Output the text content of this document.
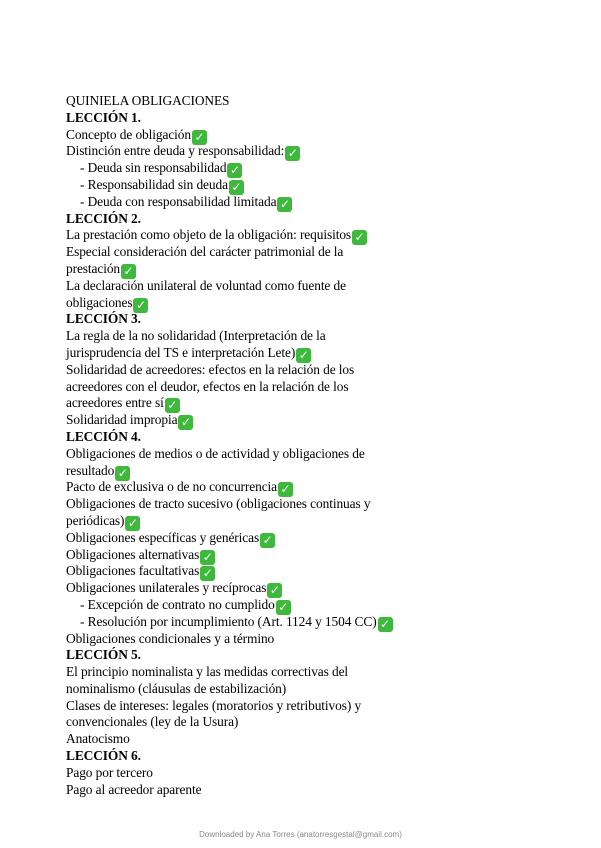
QUINIELA OBLIGACIONES
LECCIÓN 1.
Concepto de obligación ✓
Distinción entre deuda y responsabilidad: ✓
- Deuda sin responsabilidad ✓
- Responsabilidad sin deuda ✓
- Deuda con responsabilidad limitada ✓
LECCIÓN 2.
La prestación como objeto de la obligación: requisitos ✓
Especial consideración del carácter patrimonial de la
prestación ✓
La declaración unilateral de voluntad como fuente de
obligaciones ✓
LECCIÓN 3.
La regla de la no solidaridad (Interpretación de la
jurisprudencia del TS e interpretación Lete) ✓
Solidaridad de acreedores: efectos en la relación de los
acreedores con el deudor, efectos en la relación de los
acreedores entre sí ✓
Solidaridad impropia ✓
LECCIÓN 4.
Obligaciones de medios o de actividad y obligaciones de
resultado ✓
Pacto de exclusiva o de no concurrencia ✓
Obligaciones de tracto sucesivo (obligaciones continuas y
periódicas) ✓
Obligaciones específicas y genéricas ✓
Obligaciones alternativas ✓
Obligaciones facultativas ✓
Obligaciones unilaterales y recíprocas ✓
- Excepción de contrato no cumplido ✓
- Resolución por incumplimiento (Art. 1124 y 1504 CC) ✓
Obligaciones condicionales y a término
LECCIÓN 5.
El principio nominalista y las medidas correctivas del
nominalismo (cláusulas de estabilización)
Clases de intereses: legales (moratorios y retributivos) y
convencionales (ley de la Usura)
Anatocismo
LECCIÓN 6.
Pago por tercero
Pago al acreedor aparente
Downloaded by Ana Torres (anatorresgestal@gmail.com)
